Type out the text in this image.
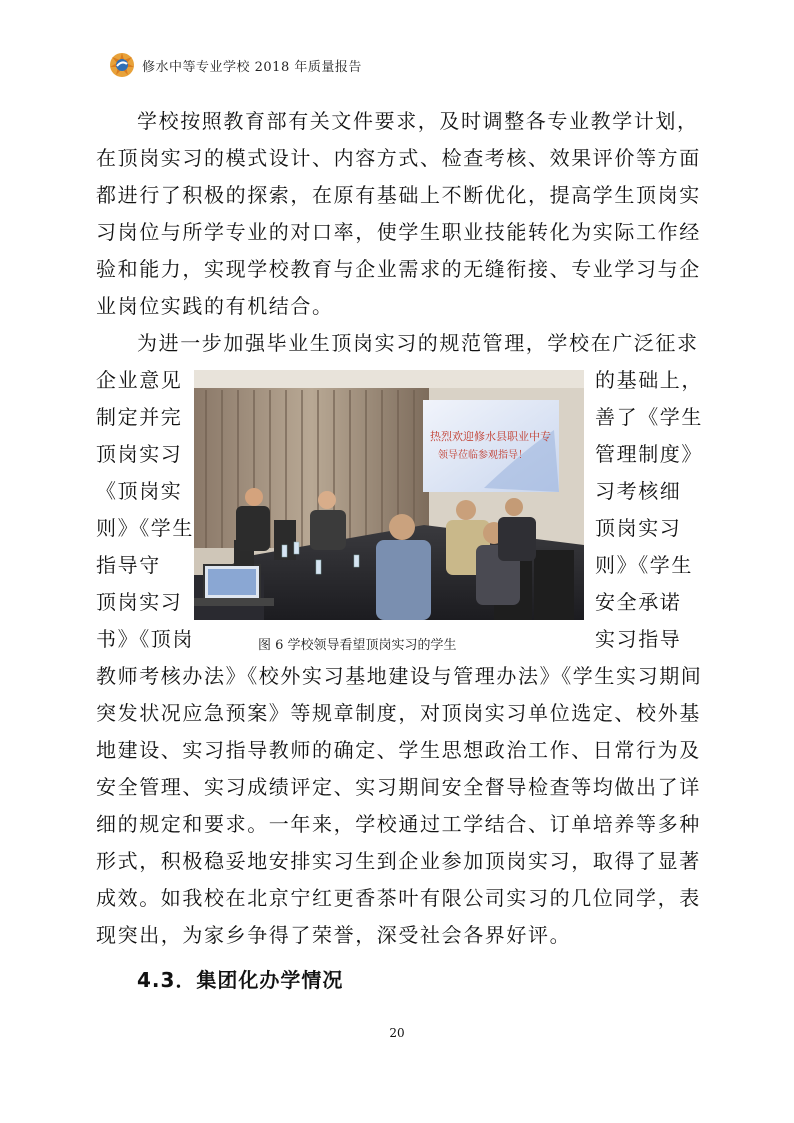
修水中等专业学校 2018 年质量报告
学校按照教育部有关文件要求，及时调整各专业教学计划，
在顶岗实习的模式设计、内容方式、检查考核、效果评价等方面
都进行了积极的探索，在原有基础上不断优化，提高学生顶岗实
习岗位与所学专业的对口率，使学生职业技能转化为实际工作经
验和能力，实现学校教育与企业需求的无缝衔接、专业学习与企
业岗位实践的有机结合。
为进一步加强毕业生顶岗实习的规范管理，学校在广泛征求
企业意见
制定并完
顶岗实习
《顶岗实
则》《学生
指导守
顶岗实习
书》《顶岗
的基础上，
善了《学生
管理制度》
习考核细
顶岗实习
则》《学生
安全承诺
实习指导
热烈欢迎修水县职业中专
领导莅临参观指导！
图 6 学校领导看望顶岗实习的学生
教师考核办法》《校外实习基地建设与管理办法》《学生实习期间
突发状况应急预案》等规章制度，对顶岗实习单位选定、校外基
地建设、实习指导教师的确定、学生思想政治工作、日常行为及
安全管理、实习成绩评定、实习期间安全督导检查等均做出了详
细的规定和要求。一年来，学校通过工学结合、订单培养等多种
形式，积极稳妥地安排实习生到企业参加顶岗实习，取得了显著
成效。如我校在北京宁红更香茶叶有限公司实习的几位同学，表
现突出，为家乡争得了荣誉，深受社会各界好评。
4.3．集团化办学情况
20
